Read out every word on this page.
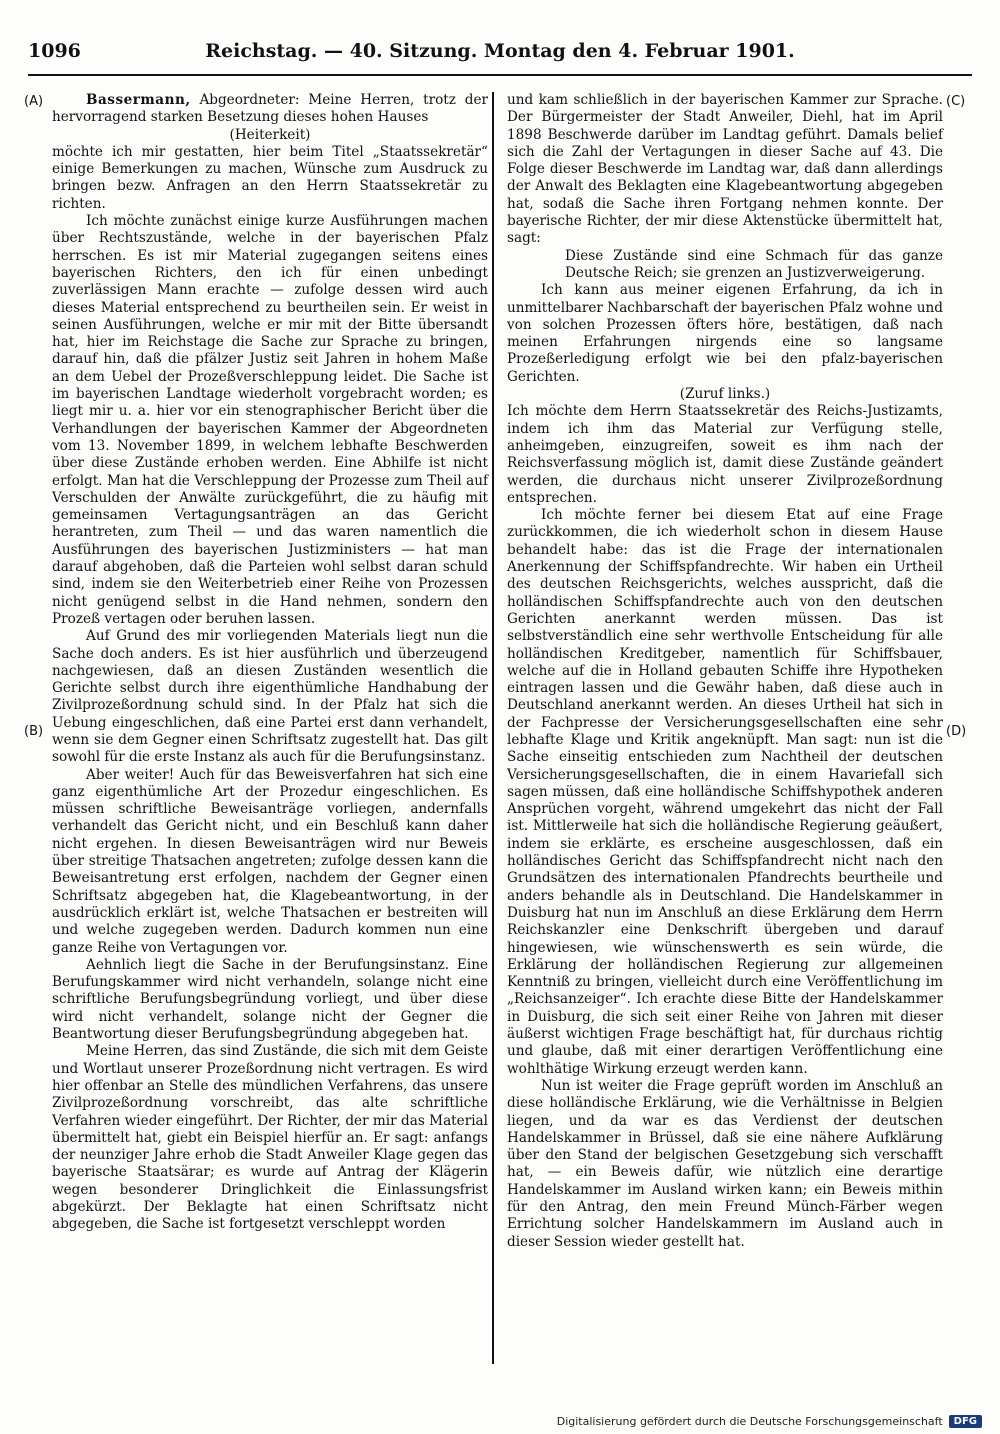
1096	Reichstag. — 40. Sitzung. Montag den 4. Februar 1901.
(A)
(B)
(C)
(D)

Bassermann, Abgeordneter: Meine Herren, trotz der hervorragend starken Besetzung dieses hohen Hauses

(Heiterkeit)

möchte ich mir gestatten, hier beim Titel „Staatssekretär“ einige Bemerkungen zu machen, Wünsche zum Ausdruck zu bringen bezw. Anfragen an den Herrn Staatssekretär zu richten.

Ich möchte zunächst einige kurze Ausführungen machen über Rechtszustände, welche in der bayerischen Pfalz herrschen. Es ist mir Material zugegangen seitens eines bayerischen Richters, den ich für einen unbedingt zuverlässigen Mann erachte — zufolge dessen wird auch dieses Material entsprechend zu beurtheilen sein. Er weist in seinen Ausführungen, welche er mir mit der Bitte übersandt hat, hier im Reichstage die Sache zur Sprache zu bringen, darauf hin, daß die pfälzer Justiz seit Jahren in hohem Maße an dem Uebel der Prozeßverschleppung leidet. Die Sache ist im bayerischen Landtage wiederholt vorgebracht worden; es liegt mir u. a. hier vor ein stenographischer Bericht über die Verhandlungen der bayerischen Kammer der Abgeordneten vom 13. November 1899, in welchem lebhafte Beschwerden über diese Zustände erhoben werden. Eine Abhilfe ist nicht erfolgt. Man hat die Verschleppung der Prozesse zum Theil auf Verschulden der Anwälte zurückgeführt, die zu häufig mit gemeinsamen Vertagungsanträgen an das Gericht herantreten, zum Theil — und das waren namentlich die Ausführungen des bayerischen Justizministers — hat man darauf abgehoben, daß die Parteien wohl selbst daran schuld sind, indem sie den Weiterbetrieb einer Reihe von Prozessen nicht genügend selbst in die Hand nehmen, sondern den Prozeß vertagen oder beruhen lassen.

Auf Grund des mir vorliegenden Materials liegt nun die Sache doch anders. Es ist hier ausführlich und überzeugend nachgewiesen, daß an diesen Zuständen wesentlich die Gerichte selbst durch ihre eigenthümliche Handhabung der Zivilprozeßordnung schuld sind. In der Pfalz hat sich die Uebung eingeschlichen, daß eine Partei erst dann verhandelt, wenn sie dem Gegner einen Schriftsatz zugestellt hat. Das gilt sowohl für die erste Instanz als auch für die Berufungsinstanz.

Aber weiter! Auch für das Beweisverfahren hat sich eine ganz eigenthümliche Art der Prozedur eingeschlichen. Es müssen schriftliche Beweisanträge vorliegen, andernfalls verhandelt das Gericht nicht, und ein Beschluß kann daher nicht ergehen. In diesen Beweisanträgen wird nur Beweis über streitige Thatsachen angetreten; zufolge dessen kann die Beweisantretung erst erfolgen, nachdem der Gegner einen Schriftsatz abgegeben hat, die Klagebeantwortung, in der ausdrücklich erklärt ist, welche Thatsachen er bestreiten will und welche zugegeben werden. Dadurch kommen nun eine ganze Reihe von Vertagungen vor.

Aehnlich liegt die Sache in der Berufungsinstanz. Eine Berufungskammer wird nicht verhandeln, solange nicht eine schriftliche Berufungsbegründung vorliegt, und über diese wird nicht verhandelt, solange nicht der Gegner die Beantwortung dieser Berufungsbegründung abgegeben hat.

Meine Herren, das sind Zustände, die sich mit dem Geiste und Wortlaut unserer Prozeßordnung nicht vertragen. Es wird hier offenbar an Stelle des mündlichen Verfahrens, das unsere Zivilprozeßordnung vorschreibt, das alte schriftliche Verfahren wieder eingeführt. Der Richter, der mir das Material übermittelt hat, giebt ein Beispiel hierfür an. Er sagt: anfangs der neunziger Jahre erhob die Stadt Anweiler Klage gegen das bayerische Staatsärar; es wurde auf Antrag der Klägerin wegen besonderer Dringlichkeit die Einlassungsfrist abgekürzt. Der Beklagte hat einen Schriftsatz nicht abgegeben, die Sache ist fortgesetzt verschleppt worden

und kam schließlich in der bayerischen Kammer zur Sprache. Der Bürgermeister der Stadt Anweiler, Diehl, hat im April 1898 Beschwerde darüber im Landtag geführt. Damals belief sich die Zahl der Vertagungen in dieser Sache auf 43. Die Folge dieser Beschwerde im Landtag war, daß dann allerdings der Anwalt des Beklagten eine Klagebeantwortung abgegeben hat, sodaß die Sache ihren Fortgang nehmen konnte. Der bayerische Richter, der mir diese Aktenstücke übermittelt hat, sagt:

Diese Zustände sind eine Schmach für das ganze Deutsche Reich; sie grenzen an Justizverweigerung.

Ich kann aus meiner eigenen Erfahrung, da ich in unmittelbarer Nachbarschaft der bayerischen Pfalz wohne und von solchen Prozessen öfters höre, bestätigen, daß nach meinen Erfahrungen nirgends eine so langsame Prozeßerledigung erfolgt wie bei den pfalz-bayerischen Gerichten.

(Zuruf links.)

Ich möchte dem Herrn Staatssekretär des Reichs-Justizamts, indem ich ihm das Material zur Verfügung stelle, anheimgeben, einzugreifen, soweit es ihm nach der Reichsverfassung möglich ist, damit diese Zustände geändert werden, die durchaus nicht unserer Zivilprozeßordnung entsprechen.

Ich möchte ferner bei diesem Etat auf eine Frage zurückkommen, die ich wiederholt schon in diesem Hause behandelt habe: das ist die Frage der internationalen Anerkennung der Schiffspfandrechte. Wir haben ein Urtheil des deutschen Reichsgerichts, welches ausspricht, daß die holländischen Schiffspfandrechte auch von den deutschen Gerichten anerkannt werden müssen. Das ist selbstverständlich eine sehr werthvolle Entscheidung für alle holländischen Kreditgeber, namentlich für Schiffsbauer, welche auf die in Holland gebauten Schiffe ihre Hypotheken eintragen lassen und die Gewähr haben, daß diese auch in Deutschland anerkannt werden. An dieses Urtheil hat sich in der Fachpresse der Versicherungsgesellschaften eine sehr lebhafte Klage und Kritik angeknüpft. Man sagt: nun ist die Sache einseitig entschieden zum Nachtheil der deutschen Versicherungsgesellschaften, die in einem Havariefall sich sagen müssen, daß eine holländische Schiffshypothek anderen Ansprüchen vorgeht, während umgekehrt das nicht der Fall ist. Mittlerweile hat sich die holländische Regierung geäußert, indem sie erklärte, es erscheine ausgeschlossen, daß ein holländisches Gericht das Schiffspfandrecht nicht nach den Grundsätzen des internationalen Pfandrechts beurtheile und anders behandle als in Deutschland. Die Handelskammer in Duisburg hat nun im Anschluß an diese Erklärung dem Herrn Reichskanzler eine Denkschrift übergeben und darauf hingewiesen, wie wünschenswerth es sein würde, die Erklärung der holländischen Regierung zur allgemeinen Kenntniß zu bringen, vielleicht durch eine Veröffentlichung im „Reichsanzeiger“. Ich erachte diese Bitte der Handelskammer in Duisburg, die sich seit einer Reihe von Jahren mit dieser äußerst wichtigen Frage beschäftigt hat, für durchaus richtig und glaube, daß mit einer derartigen Veröffentlichung eine wohlthätige Wirkung erzeugt werden kann.

Nun ist weiter die Frage geprüft worden im Anschluß an diese holländische Erklärung, wie die Verhältnisse in Belgien liegen, und da war es das Verdienst der deutschen Handelskammer in Brüssel, daß sie eine nähere Aufklärung über den Stand der belgischen Gesetzgebung sich verschafft hat, — ein Beweis dafür, wie nützlich eine derartige Handelskammer im Ausland wirken kann; ein Beweis mithin für den Antrag, den mein Freund Münch-Färber wegen Errichtung solcher Handelskammern im Ausland auch in dieser Session wieder gestellt hat.

Digitalisierung gefördert durch die Deutsche Forschungsgemeinschaft	DFG
